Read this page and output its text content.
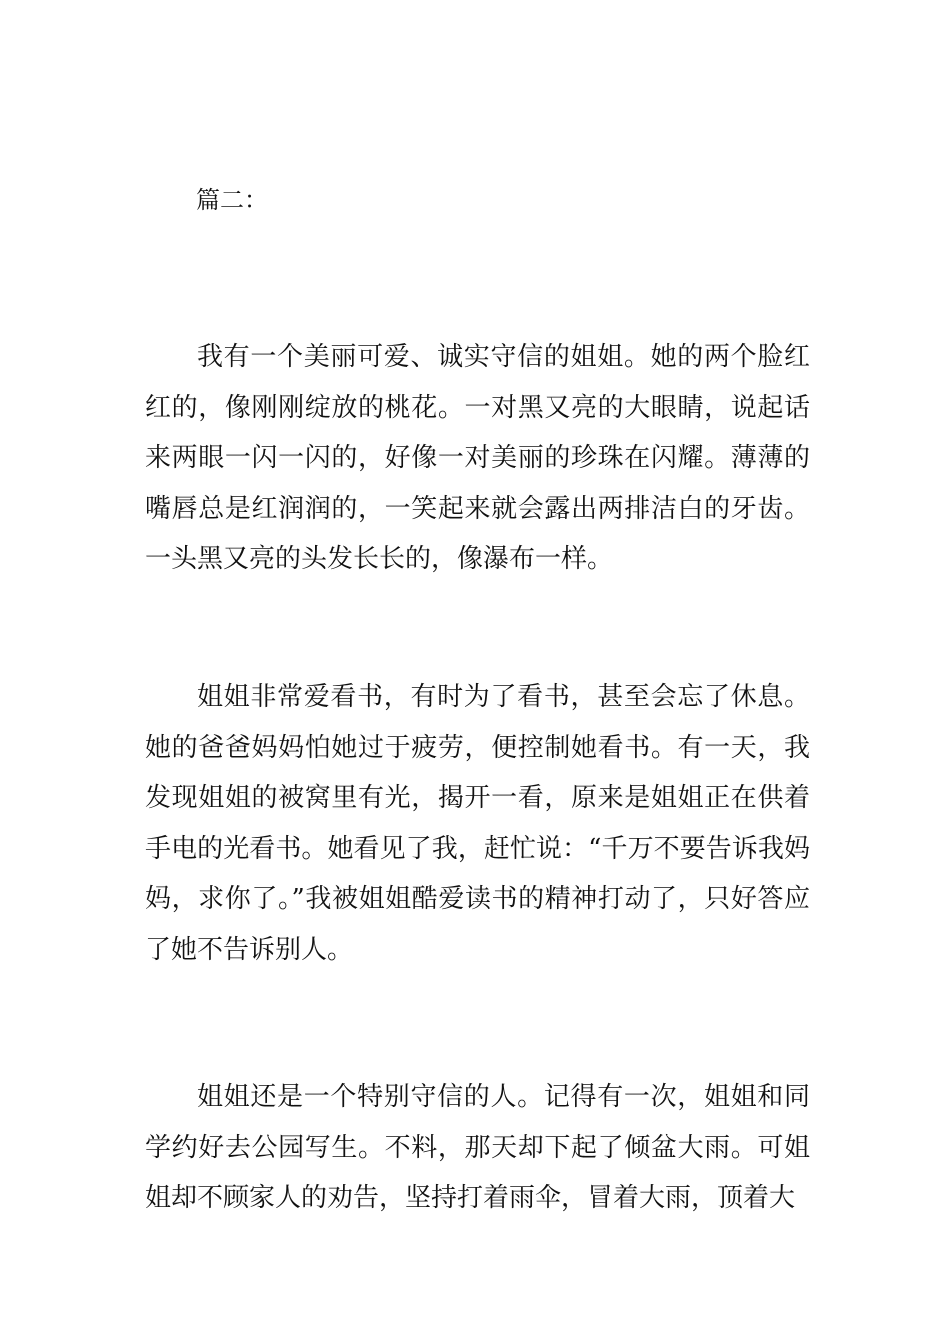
篇二：

我有一个美丽可爱、诚实守信的姐姐。她的两个脸红红的，像刚刚绽放的桃花。一对黑又亮的大眼睛，说起话来两眼一闪一闪的，好像一对美丽的珍珠在闪耀。薄薄的嘴唇总是红润润的，一笑起来就会露出两排洁白的牙齿。一头黑又亮的头发长长的，像瀑布一样。

姐姐非常爱看书，有时为了看书，甚至会忘了休息。她的爸爸妈妈怕她过于疲劳，便控制她看书。有一天，我发现姐姐的被窝里有光，揭开一看，原来是姐姐正在供着手电的光看书。她看见了我，赶忙说：“千万不要告诉我妈妈，求你了。”我被姐姐酷爱读书的精神打动了，只好答应了她不告诉别人。

姐姐还是一个特别守信的人。记得有一次，姐姐和同学约好去公园写生。不料，那天却下起了倾盆大雨。可姐姐却不顾家人的劝告，坚持打着雨伞，冒着大雨，顶着大
